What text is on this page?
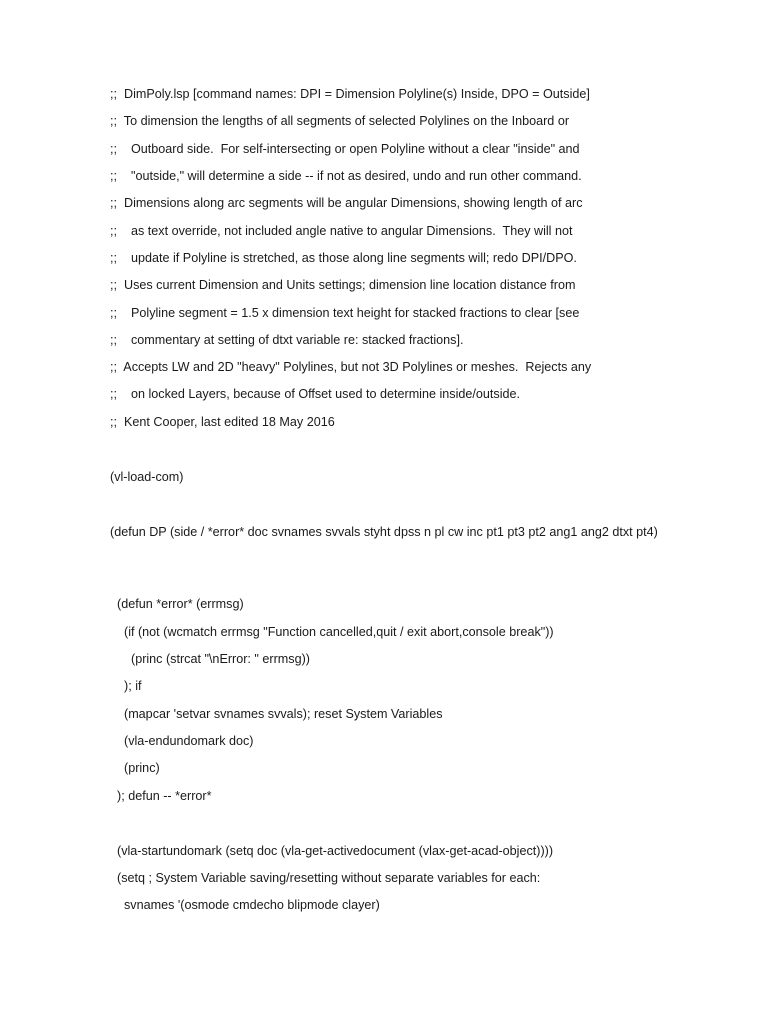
;;  DimPoly.lsp [command names: DPI = Dimension Polyline(s) Inside, DPO = Outside]
;;  To dimension the lengths of all segments of selected Polylines on the Inboard or
;;    Outboard side.  For self-intersecting or open Polyline without a clear "inside" and
;;    "outside," will determine a side -- if not as desired, undo and run other command.
;;  Dimensions along arc segments will be angular Dimensions, showing length of arc
;;    as text override, not included angle native to angular Dimensions.  They will not
;;    update if Polyline is stretched, as those along line segments will; redo DPI/DPO.
;;  Uses current Dimension and Units settings; dimension line location distance from
;;    Polyline segment = 1.5 x dimension text height for stacked fractions to clear [see
;;    commentary at setting of dtxt variable re: stacked fractions].
;;  Accepts LW and 2D "heavy" Polylines, but not 3D Polylines or meshes.  Rejects any
;;    on locked Layers, because of Offset used to determine inside/outside.
;;  Kent Cooper, last edited 18 May 2016
(vl-load-com)
(defun DP (side / *error* doc svnames svvals styht dpss n pl cw inc pt1 pt3 pt2 ang1 ang2 dtxt pt4)
(defun *error* (errmsg)
(if (not (wcmatch errmsg "Function cancelled,quit / exit abort,console break"))
(princ (strcat "\nError: " errmsg))
); if
(mapcar 'setvar svnames svvals); reset System Variables
(vla-endundomark doc)
(princ)
); defun -- *error*
(vla-startundomark (setq doc (vla-get-activedocument (vlax-get-acad-object))))
(setq ; System Variable saving/resetting without separate variables for each:
svnames '(osmode cmdecho blipmode clayer)
